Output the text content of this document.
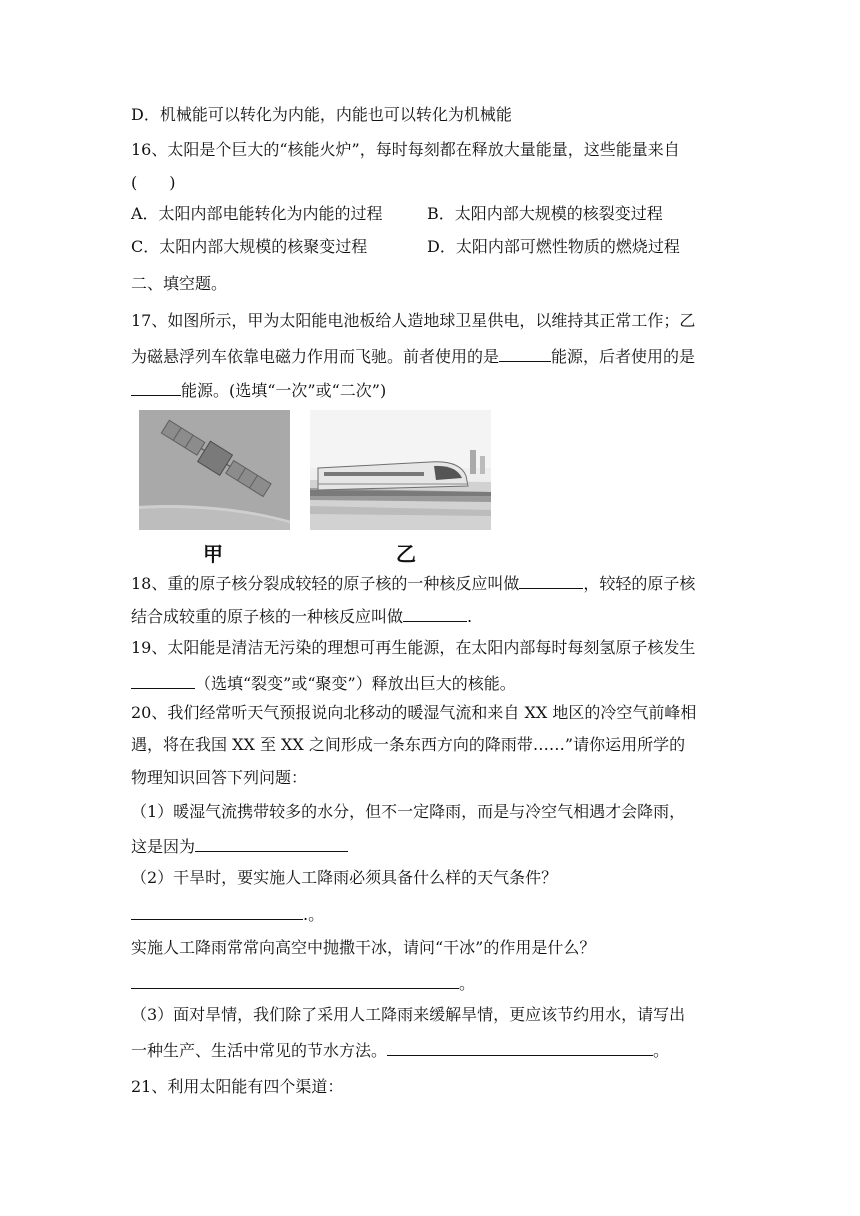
D．机械能可以转化为内能，内能也可以转化为机械能
16、太阳是个巨大的“核能火炉”，每时每刻都在释放大量能量，这些能量来自
(　　)
A．太阳内部电能转化为内能的过程	B．太阳内部大规模的核裂变过程
C．太阳内部大规模的核聚变过程	D．太阳内部可燃性物质的燃烧过程
二、填空题。
17、如图所示，甲为太阳能电池板给人造地球卫星供电，以维持其正常工作；乙
为磁悬浮列车依靠电磁力作用而飞驰。前者使用的是	能源，后者使用的是
能源。(选填“一次”或“二次”)
甲	乙
18、重的原子核分裂成较轻的原子核的一种核反应叫做	，较轻的原子核
结合成较重的原子核的一种核反应叫做	.
19、太阳能是清洁无污染的理想可再生能源，在太阳内部每时每刻氢原子核发生
（选填“裂变”或“聚变”）释放出巨大的核能。
20、我们经常听天气预报说向北移动的暖湿气流和来自 XX 地区的冷空气前峰相
遇，将在我国 XX 至 XX 之间形成一条东西方向的降雨带……”请你运用所学的
物理知识回答下列问题：
（1）暖湿气流携带较多的水分，但不一定降雨，而是与冷空气相遇才会降雨，
这是因为
（2）干旱时，要实施人工降雨必须具备什么样的天气条件？
.。
实施人工降雨常常向高空中抛撒干冰，请问“干冰”的作用是什么？
。
（3）面对旱情，我们除了采用人工降雨来缓解旱情，更应该节约用水，请写出
一种生产、生活中常见的节水方法。	。
21、利用太阳能有四个渠道：
